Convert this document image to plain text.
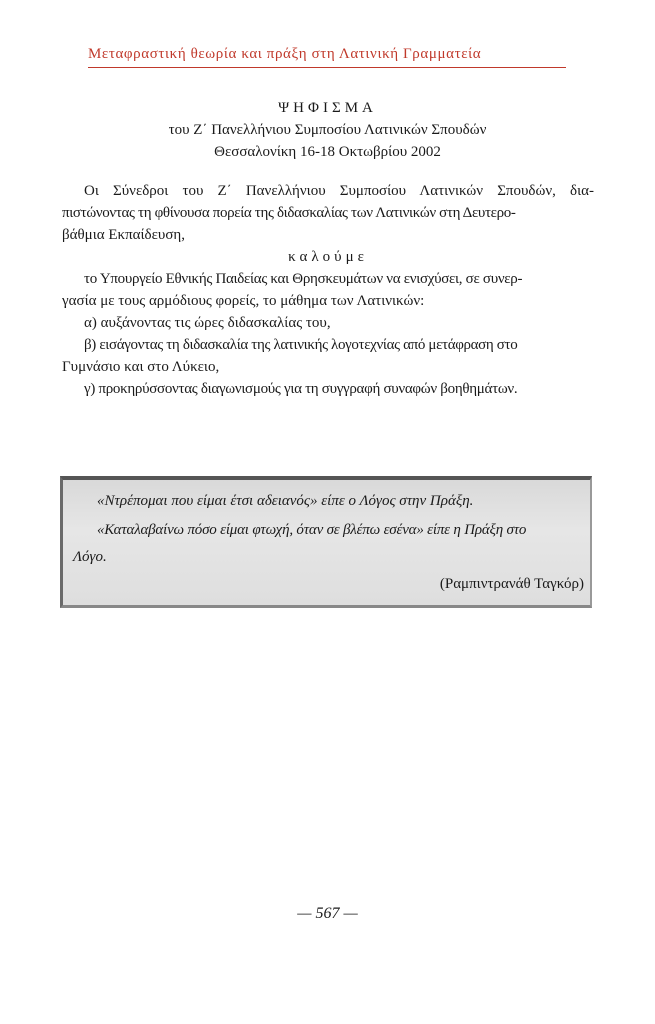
Μεταφραστική θεωρία και πράξη στη Λατινική Γραμματεία
ΨΗΦΙΣΜΑ
του Ζ΄ Πανελλήνιου Συμποσίου Λατινικών Σπουδών
Θεσσαλονίκη 16-18 Οκτωβρίου 2002

Οι Σύνεδροι του Ζ΄ Πανελλήνιου Συμποσίου Λατινικών Σπουδών, δια-

πιστώνοντας τη φθίνουσα πορεία της διδασκαλίας των Λατινικών στη Δευτερο-

βάθμια Εκπαίδευση,

καλούμε

το Υπουργείο Εθνικής Παιδείας και Θρησκευμάτων να ενισχύσει, σε συνερ-

γασία με τους αρμόδιους φορείς, το μάθημα των Λατινικών:

α) αυξάνοντας τις ώρες διδασκαλίας του,

β) εισάγοντας τη διδασκαλία της λατινικής λογοτεχνίας από μετάφραση στο

Γυμνάσιο και στο Λύκειο,

γ) προκηρύσσοντας διαγωνισμούς για τη συγγραφή συναφών βοηθημάτων.

«Ντρέπομαι που είμαι έτσι αδειανός» είπε ο Λόγος στην Πράξη.
«Καταλαβαίνω πόσο είμαι φτωχή, όταν σε βλέπω εσένα» είπε η Πράξη στο
Λόγο.
(Ραμπιντρανάθ Ταγκόρ)
— 567 —
